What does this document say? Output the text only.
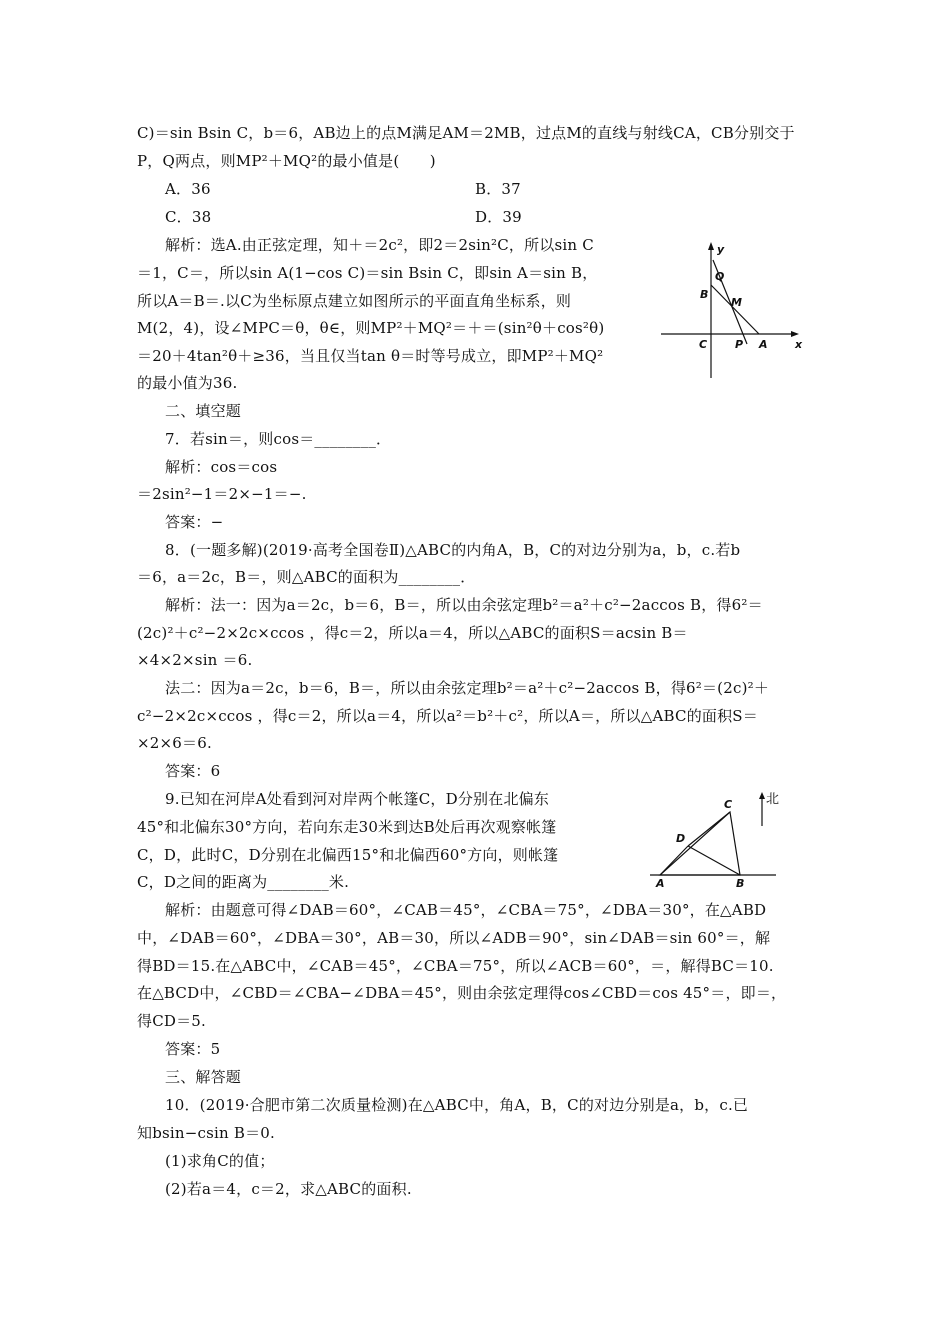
C)＝sin Bsin C，b＝6，AB边上的点M满足AM＝2MB，过点M的直线与射线CA，CB分别交于
P，Q两点，则MP²＋MQ²的最小值是(　　)
A．36	B．37
C．38	D．39
解析：选A.由正弦定理，知＋＝2c²，即2＝2sin²C，所以sin C
＝1，C＝，所以sin A(1−cos C)＝sin Bsin C，即sin A＝sin B，
所以A＝B＝.以C为坐标原点建立如图所示的平面直角坐标系，则
M(2，4)，设∠MPC＝θ，θ∈，则MP²＋MQ²＝＋＝(sin²θ＋cos²θ)
＝20＋4tan²θ＋≥36，当且仅当tan θ＝时等号成立，即MP²＋MQ²
的最小值为36.
二、填空题
7．若sin＝，则cos＝________．
解析：cos＝cos
＝2sin²−1＝2×−1＝−.
答案：−
8．(一题多解)(2019·高考全国卷Ⅱ)△ABC的内角A，B，C的对边分别为a，b，c.若b
＝6，a＝2c，B＝，则△ABC的面积为________．
解析：法一：因为a＝2c，b＝6，B＝，所以由余弦定理b²＝a²＋c²−2accos B，得6²＝
(2c)²＋c²−2×2c×ccos ，得c＝2，所以a＝4，所以△ABC的面积S＝acsin B＝
×4×2×sin ＝6.
法二：因为a＝2c，b＝6，B＝，所以由余弦定理b²＝a²＋c²−2accos B，得6²＝(2c)²＋
c²−2×2c×ccos ，得c＝2，所以a＝4，所以a²＝b²＋c²，所以A＝，所以△ABC的面积S＝
×2×6＝6.
答案：6
9.已知在河岸A处看到河对岸两个帐篷C，D分别在北偏东
45°和北偏东30°方向，若向东走30米到达B处后再次观察帐篷
C，D，此时C，D分别在北偏西15°和北偏西60°方向，则帐篷
C，D之间的距离为________米.
解析：由题意可得∠DAB＝60°，∠CAB＝45°，∠CBA＝75°，∠DBA＝30°，在△ABD
中，∠DAB＝60°，∠DBA＝30°，AB＝30，所以∠ADB＝90°，sin∠DAB＝sin 60°＝，解
得BD＝15.在△ABC中，∠CAB＝45°，∠CBA＝75°，所以∠ACB＝60°，＝，解得BC＝10.
在△BCD中，∠CBD＝∠CBA−∠DBA＝45°，则由余弦定理得cos∠CBD＝cos 45°＝，即＝，
得CD＝5.
答案：5
三、解答题
10．(2019·合肥市第二次质量检测)在△ABC中，角A，B，C的对边分别是a，b，c.已
知bsin−csin B＝0.
(1)求角C的值；
(2)若a＝4，c＝2，求△ABC的面积.
y
x
Q
B
M
C	P A
北
C
D
A	B
